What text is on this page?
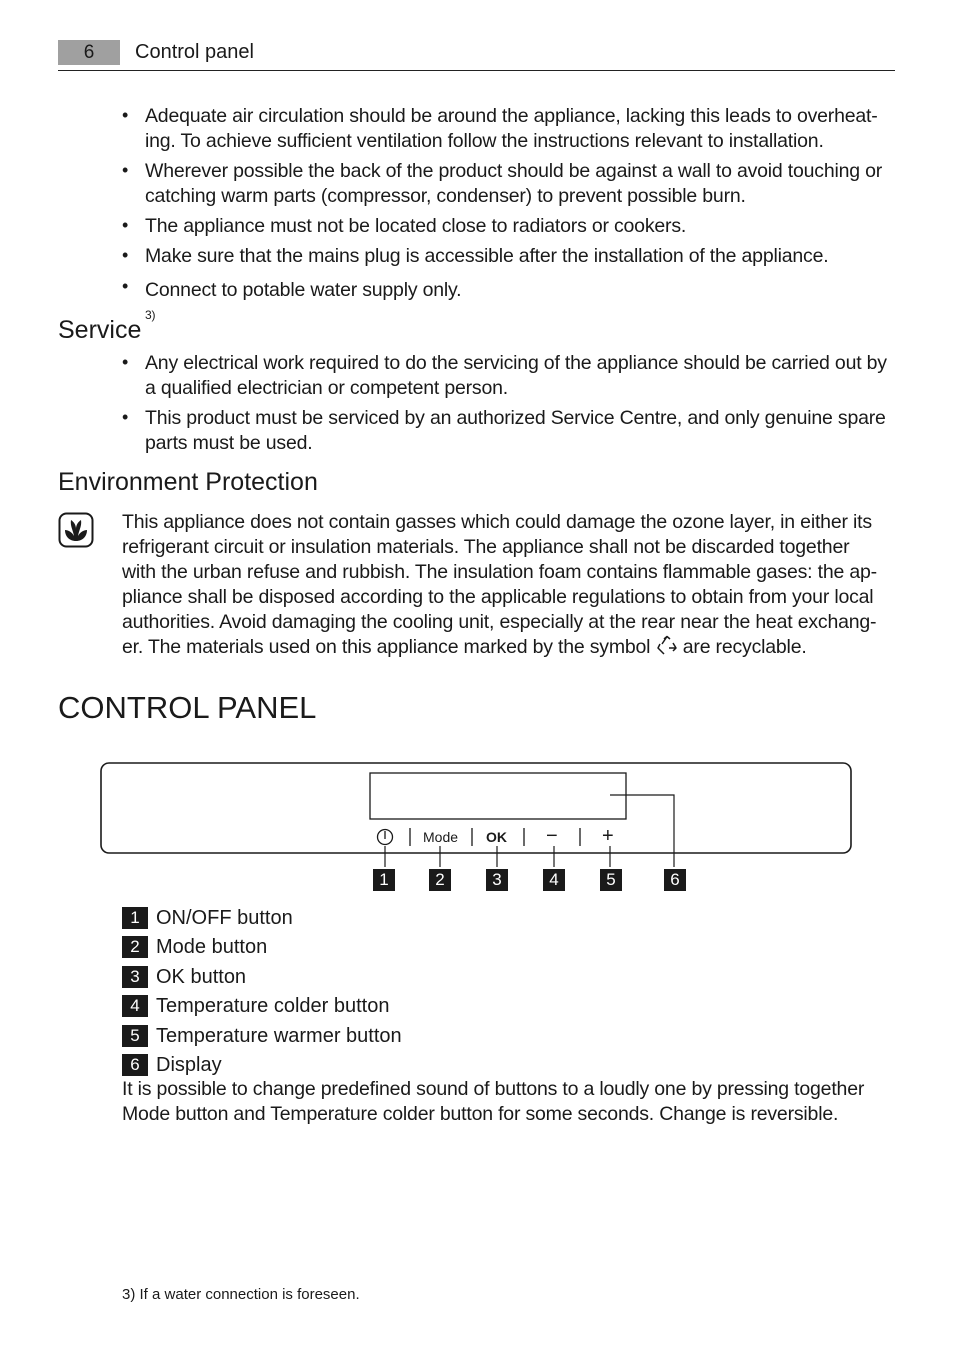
6	Control panel
• Adequate air circulation should be around the appliance, lacking this leads to overheat-
ing. To achieve sufficient ventilation follow the instructions relevant to installation.
• Wherever possible the back of the product should be against a wall to avoid touching or
catching warm parts (compressor, condenser) to prevent possible burn.
• The appliance must not be located close to radiators or cookers.
• Make sure that the mains plug is accessible after the installation of the appliance.
• Connect to potable water supply only.
$^{3)}$
Service
• Any electrical work required to do the servicing of the appliance should be carried out by
a qualified electrician or competent person.
• This product must be serviced by an authorized Service Centre, and only genuine spare
parts must be used.
Environment Protection
This appliance does not contain gasses which could damage the ozone layer, in either its
refrigerant circuit or insulation materials. The appliance shall not be discarded together
with the urban refuse and rubbish. The insulation foam contains flammable gases: the ap-
pliance shall be disposed according to the applicable regulations to obtain from your local
authorities. Avoid damaging the cooling unit, especially at the rear near the heat exchang-
er. The materials used on this appliance marked by the symbol are recyclable.
CONTROL PANEL
Mode OK − +
1	2	3	4	5	6
1 ON/OFF button
2 Mode button
3 OK button
4 Temperature colder button
5 Temperature warmer button
6 Display
It is possible to change predefined sound of buttons to a loudly one by pressing together
Mode button and Temperature colder button for some seconds. Change is reversible.
3) If a water connection is foreseen.
